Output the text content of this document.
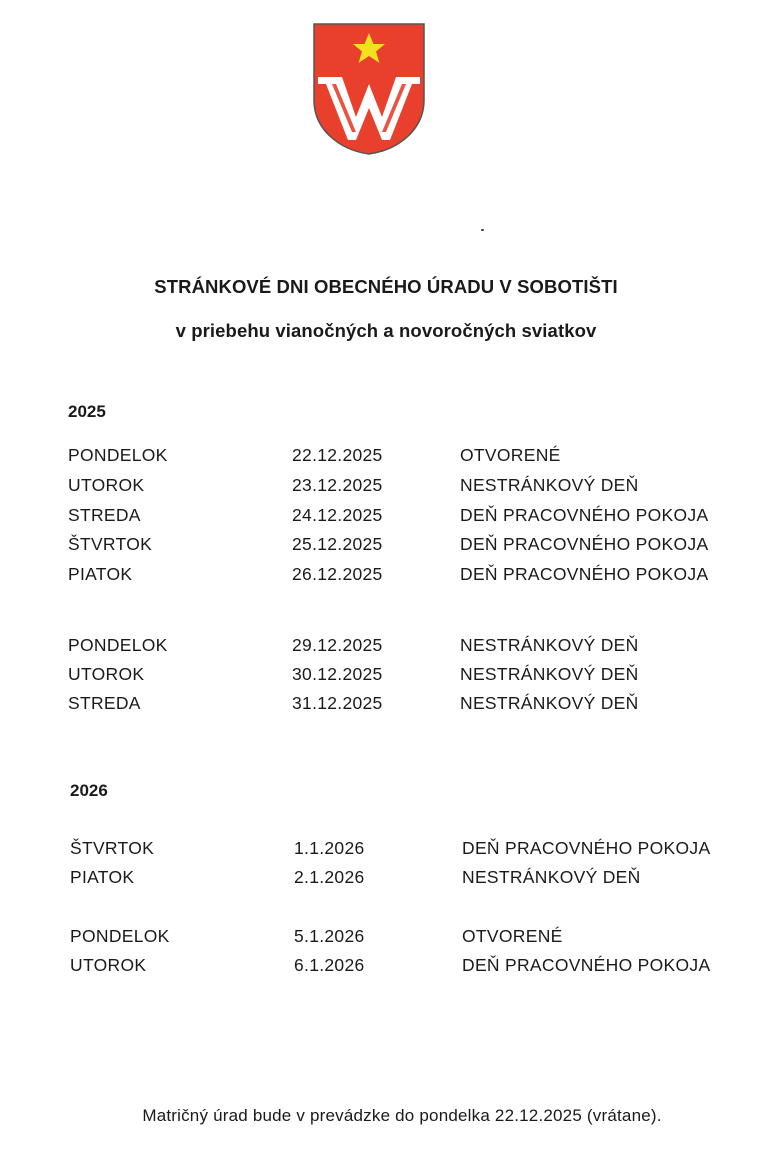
STRÁNKOVÉ DNI OBECNÉHO ÚRADU V SOBOTIŠTI
v priebehu vianočných a novoročných sviatkov
2025
PONDELOK	22.12.2025	OTVORENÉ
UTOROK	23.12.2025	NESTRÁNKOVÝ DEŇ
STREDA	24.12.2025	DEŇ PRACOVNÉHO POKOJA
ŠTVRTOK	25.12.2025	DEŇ PRACOVNÉHO POKOJA
PIATOK	26.12.2025	DEŇ PRACOVNÉHO POKOJA
PONDELOK	29.12.2025	NESTRÁNKOVÝ DEŇ
UTOROK	30.12.2025	NESTRÁNKOVÝ DEŇ
STREDA	31.12.2025	NESTRÁNKOVÝ DEŇ
2026
ŠTVRTOK	1.1.2026	DEŇ PRACOVNÉHO POKOJA
PIATOK	2.1.2026	NESTRÁNKOVÝ DEŇ
PONDELOK	5.1.2026	OTVORENÉ
UTOROK	6.1.2026	DEŇ PRACOVNÉHO POKOJA
Matričný úrad bude v prevádzke do pondelka 22.12.2025 (vrátane).
